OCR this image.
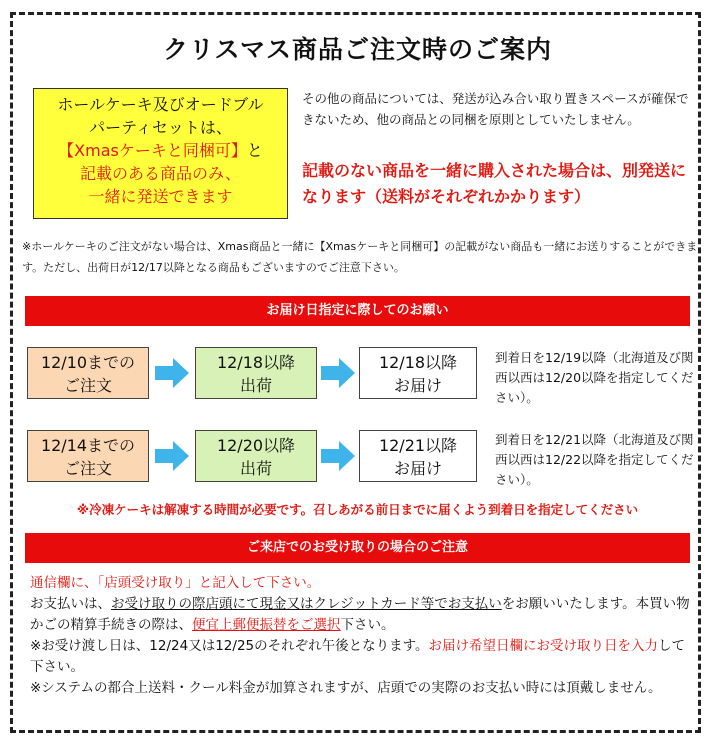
クリスマス商品ご注文時のご案内
ホールケーキ及びオードブル
パーティセットは、
【Xmasケーキと同梱可】と
記載のある商品のみ、
一緒に発送できます
その他の商品については、発送が込み合い取り置きスペースが確保できないため、他の商品との同梱を原則としていたしません。
記載のない商品を一緒に購入された場合は、別発送になります（送料がそれぞれかかります）
※ホールケーキのご注文がない場合は、Xmas商品と一緒に【Xmasケーキと同梱可】の記載がない商品も一緒にお送りすることができます。ただし、出荷日が12/17以降となる商品もございますのでご注意下さい。
お届け日指定に際してのお願い
12/10までの
ご注文
12/18以降
出荷
12/18以降
お届け
到着日を12/19以降（北海道及び関西以西は12/20以降を指定してください）。
12/14までの
ご注文
12/20以降
出荷
12/21以降
お届け
到着日を12/21以降（北海道及び関西以西は12/22以降を指定してください）。
※冷凍ケーキは解凍する時間が必要です。召しあがる前日までに届くよう到着日を指定してください
ご来店でのお受け取りの場合のご注意
通信欄に、「店頭受け取り」と記入して下さい。
お支払いは、お受け取りの際店頭にて現金又はクレジットカード等でお支払いをお願いいたします。本買い物かごの精算手続きの際は、便宜上郵便振替をご選択下さい。
※お受け渡し日は、12/24又は12/25のそれぞれ午後となります。お届け希望日欄にお受け取り日を入力して下さい。
※システムの都合上送料・クール料金が加算されますが、店頭での実際のお支払い時には頂戴しません。
